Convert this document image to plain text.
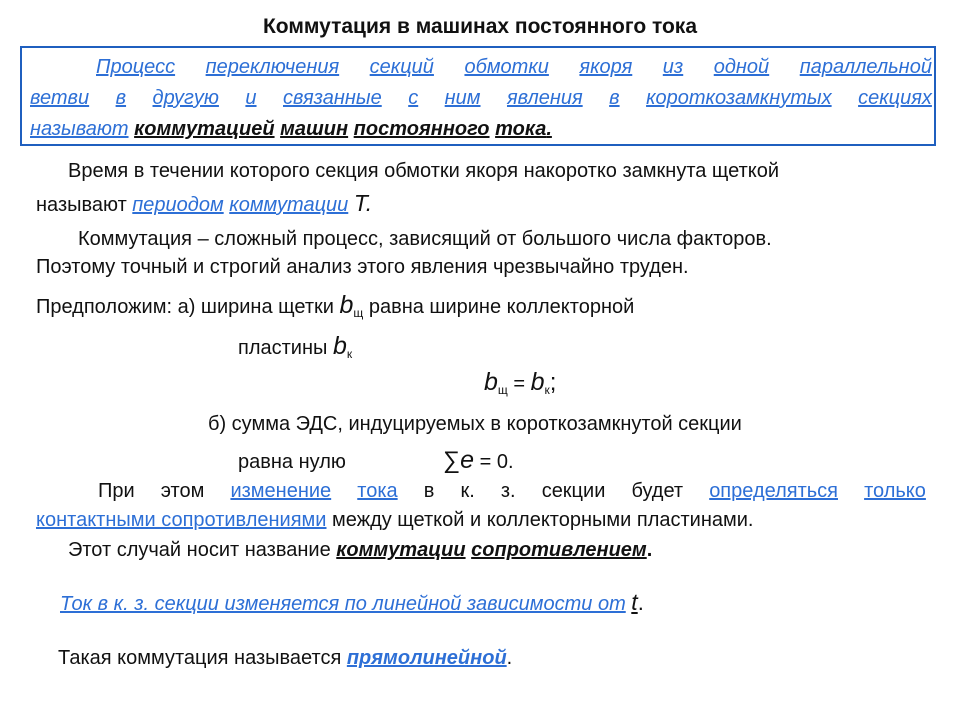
Коммутация в машинах постоянного тока
Процесс переключения секций обмотки якоря из одной параллельной
ветви в другую и связанные с ним явления в короткозамкнутых секциях
называют коммутацией машин постоянного тока.
Время в течении которого секция обмотки якоря накоротко замкнута щеткой
называют периодом коммутации T.
Коммутация – сложный процесс, зависящий от большого числа факторов.
Поэтому точный и строгий анализ этого явления чрезвычайно труден.
Предположим: а) ширина щетки $b_щ$ равна ширине коллекторной
пластины $b_к$
$b_щ = b_к$;
б) сумма ЭДС, индуцируемых в короткозамкнутой секции
равна нулю	∑e = 0.
При этом изменение тока в к. з. секции будет определяться только
контактными сопротивлениями между щеткой и коллекторными пластинами.
Этот случай носит название коммутации сопротивлением.
Ток в к. з. секции изменяется по линейной зависимости от t.
Такая коммутация называется прямолинейной.
